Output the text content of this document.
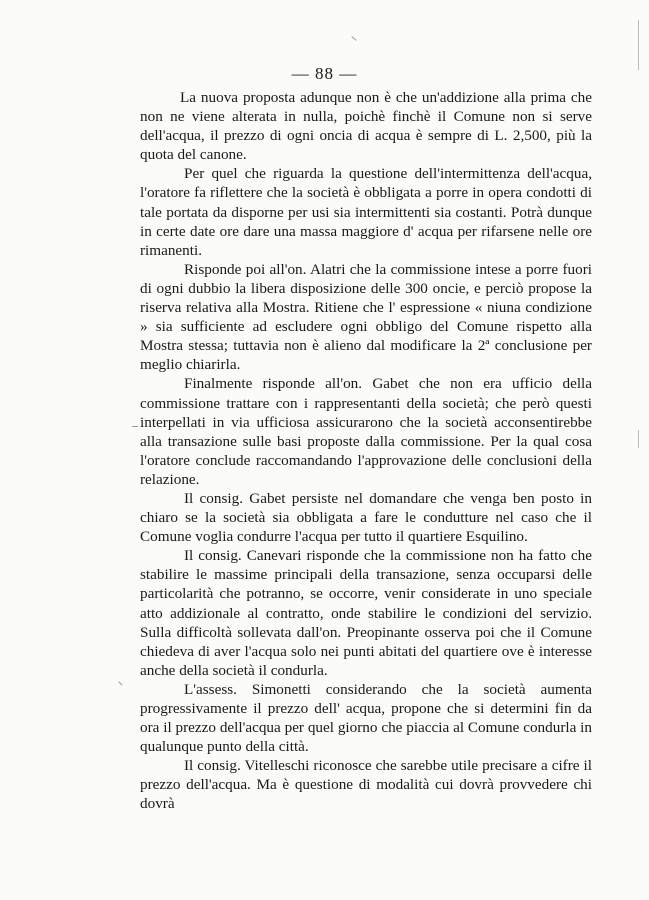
— 88 —

La nuova proposta adunque non è che un'addizione alla prima che non ne viene alterata in nulla, poichè finchè il Comune non si serve dell'acqua, il prezzo di ogni oncia di acqua è sempre di L. 2,500, più la quota del canone.

Per quel che riguarda la questione dell'intermittenza dell'acqua, l'oratore fa riflettere che la società è obbligata a porre in opera condotti di tale portata da disporne per usi sia intermittenti sia costanti. Potrà dunque in certe date ore dare una massa maggiore d' acqua per rifarsene nelle ore rimanenti.

Risponde poi all'on. Alatri che la commissione intese a porre fuori di ogni dubbio la libera disposizione delle 300 oncie, e perciò propose la riserva relativa alla Mostra. Ritiene che l' espressione « niuna condizione » sia sufficiente ad escludere ogni obbligo del Comune rispetto alla Mostra stessa; tuttavia non è alieno dal modificare la 2ª conclusione per meglio chiarirla.

Finalmente risponde all'on. Gabet che non era ufficio della commissione trattare con i rappresentanti della società; che però questi interpellati in via ufficiosa assicurarono che la società acconsentirebbe alla transazione sulle basi proposte dalla commissione. Per la qual cosa l'oratore conclude raccomandando l'approvazione delle conclusioni della relazione.

Il consig. Gabet persiste nel domandare che venga ben posto in chiaro se la società sia obbligata a fare le condutture nel caso che il Comune voglia condurre l'acqua per tutto il quartiere Esquilino.

Il consig. Canevari risponde che la commissione non ha fatto che stabilire le massime principali della transazione, senza occuparsi delle particolarità che potranno, se occorre, venir considerate in uno speciale atto addizionale al contratto, onde stabilire le condizioni del servizio. Sulla difficoltà sollevata dall'on. Preopinante osserva poi che il Comune chiedeva di aver l'acqua solo nei punti abitati del quartiere ove è interesse anche della società il condurla.

L'assess. Simonetti considerando che la società aumenta progressivamente il prezzo dell' acqua, propone che si determini fin da ora il prezzo dell'acqua per quel giorno che piaccia al Comune condurla in qualunque punto della città.

Il consig. Vitelleschi riconosce che sarebbe utile precisare a cifre il prezzo dell'acqua. Ma è questione di modalità cui dovrà provvedere chi dovrà
